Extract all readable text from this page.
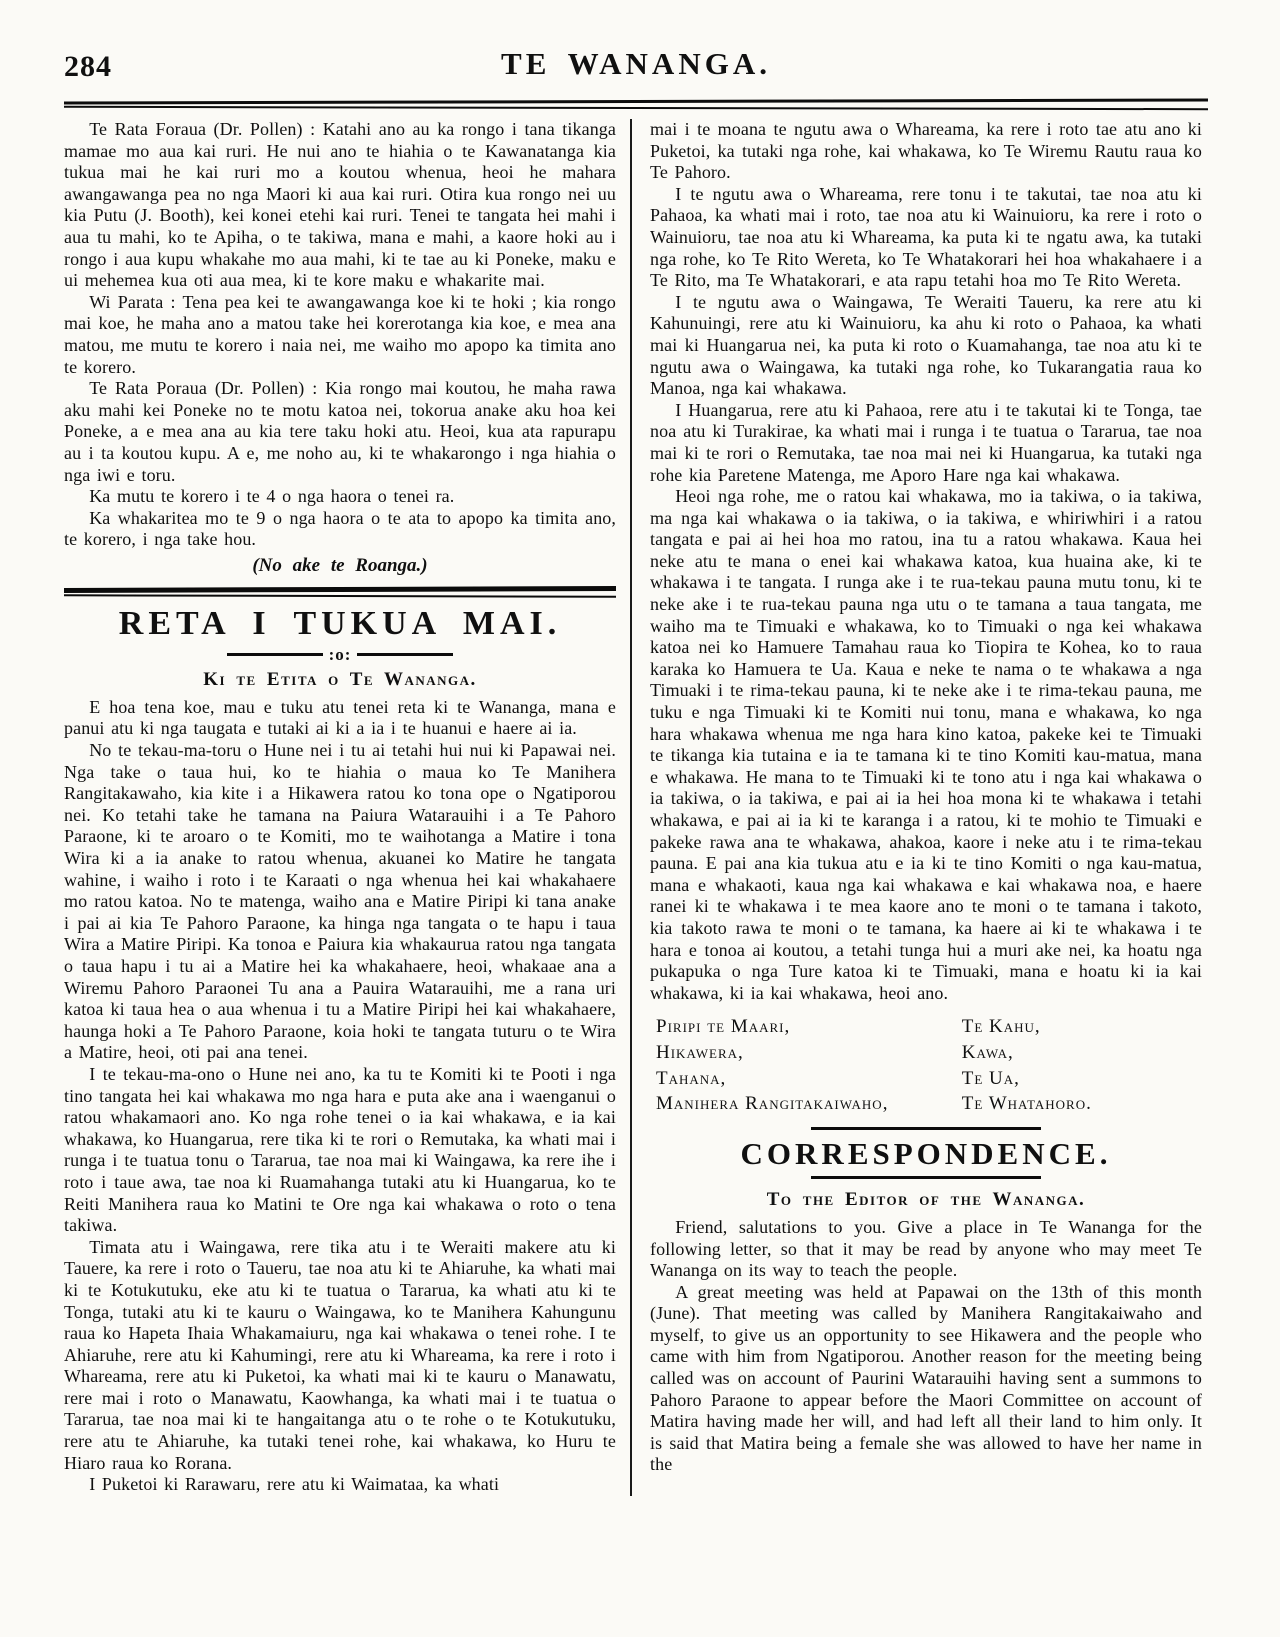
284	TE WANANGA.

Te Rata Foraua (Dr. Pollen) : Katahi ano au ka rongo i tana tikanga mamae mo aua kai ruri. He nui ano te hiahia o te Kawanatanga kia tukua mai he kai ruri mo a koutou whenua, heoi he mahara awangawanga pea no nga Maori ki aua kai ruri. Otira kua rongo nei uu kia Putu (J. Booth), kei konei etehi kai ruri. Tenei te tangata hei mahi i aua tu mahi, ko te Apiha, o te takiwa, mana e mahi, a kaore hoki au i rongo i aua kupu whakahe mo aua mahi, ki te tae au ki Poneke, maku e ui mehemea kua oti aua mea, ki te kore maku e whakarite mai.

Wi Parata : Tena pea kei te awangawanga koe ki te hoki ; kia rongo mai koe, he maha ano a matou take hei korerotanga kia koe, e mea ana matou, me mutu te korero i naia nei, me waiho mo apopo ka timita ano te korero.

Te Rata Poraua (Dr. Pollen) : Kia rongo mai koutou, he maha rawa aku mahi kei Poneke no te motu katoa nei, tokorua anake aku hoa kei Poneke, a e mea ana au kia tere taku hoki atu. Heoi, kua ata rapurapu au i ta koutou kupu. A e, me noho au, ki te whakarongo i nga hiahia o nga iwi e toru.

Ka mutu te korero i te 4 o nga haora o tenei ra.

Ka whakaritea mo te 9 o nga haora o te ata to apopo ka timita ano, te korero, i nga take hou.

(No ake te Roanga.)

RETA I TUKUA MAI.
:o:
Ki te Etita o Te Wananga.

E hoa tena koe, mau e tuku atu tenei reta ki te Wananga, mana e panui atu ki nga taugata e tutaki ai ki a ia i te huanui e haere ai ia.

No te tekau-ma-toru o Hune nei i tu ai tetahi hui nui ki Papawai nei. Nga take o taua hui, ko te hiahia o maua ko Te Manihera Rangitakawaho, kia kite i a Hikawera ratou ko tona ope o Ngatiporou nei. Ko tetahi take he tamana na Paiura Watarauihi i a Te Pahoro Paraone, ki te aroaro o te Komiti, mo te waihotanga a Matire i tona Wira ki a ia anake to ratou whenua, akuanei ko Matire he tangata wahine, i waiho i roto i te Karaati o nga whenua hei kai whakahaere mo ratou katoa. No te matenga, waiho ana e Matire Piripi ki tana anake i pai ai kia Te Pahoro Paraone, ka hinga nga tangata o te hapu i taua Wira a Matire Piripi. Ka tonoa e Paiura kia whakaurua ratou nga tangata o taua hapu i tu ai a Matire hei ka whakahaere, heoi, whakaae ana a Wiremu Pahoro Paraonei Tu ana a Pauira Watarauihi, me a rana uri katoa ki taua hea o aua whenua i tu a Matire Piripi hei kai whakahaere, haunga hoki a Te Pahoro Paraone, koia hoki te tangata tuturu o te Wira a Matire, heoi, oti pai ana tenei.

I te tekau-ma-ono o Hune nei ano, ka tu te Komiti ki te Pooti i nga tino tangata hei kai whakawa mo nga hara e puta ake ana i waenganui o ratou whakamaori ano. Ko nga rohe tenei o ia kai whakawa, e ia kai whakawa, ko Huangarua, rere tika ki te rori o Remutaka, ka whati mai i runga i te tuatua tonu o Tararua, tae noa mai ki Waingawa, ka rere ihe i roto i taue awa, tae noa ki Ruamahanga tutaki atu ki Huangarua, ko te Reiti Manihera raua ko Matini te Ore nga kai whakawa o roto o tena takiwa.

Timata atu i Waingawa, rere tika atu i te Weraiti makere atu ki Tauere, ka rere i roto o Taueru, tae noa atu ki te Ahiaruhe, ka whati mai ki te Kotukutuku, eke atu ki te tuatua o Tararua, ka whati atu ki te Tonga, tutaki atu ki te kauru o Waingawa, ko te Manihera Kahungunu raua ko Hapeta Ihaia Whakamaiuru, nga kai whakawa o tenei rohe. I te Ahiaruhe, rere atu ki Kahumingi, rere atu ki Whareama, ka rere i roto i Whareama, rere atu ki Puketoi, ka whati mai ki te kauru o Manawatu, rere mai i roto o Manawatu, Kaowhanga, ka whati mai i te tuatua o Tararua, tae noa mai ki te hangaitanga atu o te rohe o te Kotukutuku, rere atu te Ahiaruhe, ka tutaki tenei rohe, kai whakawa, ko Huru te Hiaro raua ko Rorana.

I Puketoi ki Rarawaru, rere atu ki Waimataa, ka whati

mai i te moana te ngutu awa o Whareama, ka rere i roto tae atu ano ki Puketoi, ka tutaki nga rohe, kai whakawa, ko Te Wiremu Rautu raua ko Te Pahoro.

I te ngutu awa o Whareama, rere tonu i te takutai, tae noa atu ki Pahaoa, ka whati mai i roto, tae noa atu ki Wainuioru, ka rere i roto o Wainuioru, tae noa atu ki Whareama, ka puta ki te ngatu awa, ka tutaki nga rohe, ko Te Rito Wereta, ko Te Whatakorari hei hoa whakahaere i a Te Rito, ma Te Whatakorari, e ata rapu tetahi hoa mo Te Rito Wereta.

I te ngutu awa o Waingawa, Te Weraiti Taueru, ka rere atu ki Kahunuingi, rere atu ki Wainuioru, ka ahu ki roto o Pahaoa, ka whati mai ki Huangarua nei, ka puta ki roto o Kuamahanga, tae noa atu ki te ngutu awa o Waingawa, ka tutaki nga rohe, ko Tukarangatia raua ko Manoa, nga kai whakawa.

I Huangarua, rere atu ki Pahaoa, rere atu i te takutai ki te Tonga, tae noa atu ki Turakirae, ka whati mai i runga i te tuatua o Tararua, tae noa mai ki te rori o Remutaka, tae noa mai nei ki Huangarua, ka tutaki nga rohe kia Paretene Matenga, me Aporo Hare nga kai whakawa.

Heoi nga rohe, me o ratou kai whakawa, mo ia takiwa, o ia takiwa, ma nga kai whakawa o ia takiwa, o ia takiwa, e whiriwhiri i a ratou tangata e pai ai hei hoa mo ratou, ina tu a ratou whakawa. Kaua hei neke atu te mana o enei kai whakawa katoa, kua huaina ake, ki te whakawa i te tangata. I runga ake i te rua-tekau pauna mutu tonu, ki te neke ake i te rua-tekau pauna nga utu o te tamana a taua tangata, me waiho ma te Timuaki e whakawa, ko to Timuaki o nga kei whakawa katoa nei ko Hamuere Tamahau raua ko Tiopira te Kohea, ko to raua karaka ko Hamuera te Ua. Kaua e neke te nama o te whakawa a nga Timuaki i te rima-tekau pauna, ki te neke ake i te rima-tekau pauna, me tuku e nga Timuaki ki te Komiti nui tonu, mana e whakawa, ko nga hara whakawa whenua me nga hara kino katoa, pakeke kei te Timuaki te tikanga kia tutaina e ia te tamana ki te tino Komiti kau-matua, mana e whakawa. He mana to te Timuaki ki te tono atu i nga kai whakawa o ia takiwa, o ia takiwa, e pai ai ia hei hoa mona ki te whakawa i tetahi whakawa, e pai ai ia ki te karanga i a ratou, ki te mohio te Timuaki e pakeke rawa ana te whakawa, ahakoa, kaore i neke atu i te rima-tekau pauna. E pai ana kia tukua atu e ia ki te tino Komiti o nga kau-matua, mana e whakaoti, kaua nga kai whakawa e kai whakawa noa, e haere ranei ki te whakawa i te mea kaore ano te moni o te tamana i takoto, kia takoto rawa te moni o te tamana, ka haere ai ki te whakawa i te hara e tonoa ai koutou, a tetahi tunga hui a muri ake nei, ka hoatu nga pukapuka o nga Ture katoa ki te Timuaki, mana e hoatu ki ia kai whakawa, ki ia kai whakawa, heoi ano.

Piripi te Maari,
Hikawera,
Tahana,
Manihera Rangitakaiwaho,
Te Kahu,
Kawa,
Te Ua,
Te Whatahoro.
CORRESPONDENCE.
To the Editor of the Wananga.

Friend, salutations to you. Give a place in Te Wananga for the following letter, so that it may be read by anyone who may meet Te Wananga on its way to teach the people.

A great meeting was held at Papawai on the 13th of this month (June). That meeting was called by Manihera Rangitakaiwaho and myself, to give us an opportunity to see Hikawera and the people who came with him from Ngatiporou. Another reason for the meeting being called was on account of Paurini Watarauihi having sent a summons to Pahoro Paraone to appear before the Maori Committee on account of Matira having made her will, and had left all their land to him only. It is said that Matira being a female she was allowed to have her name in the
